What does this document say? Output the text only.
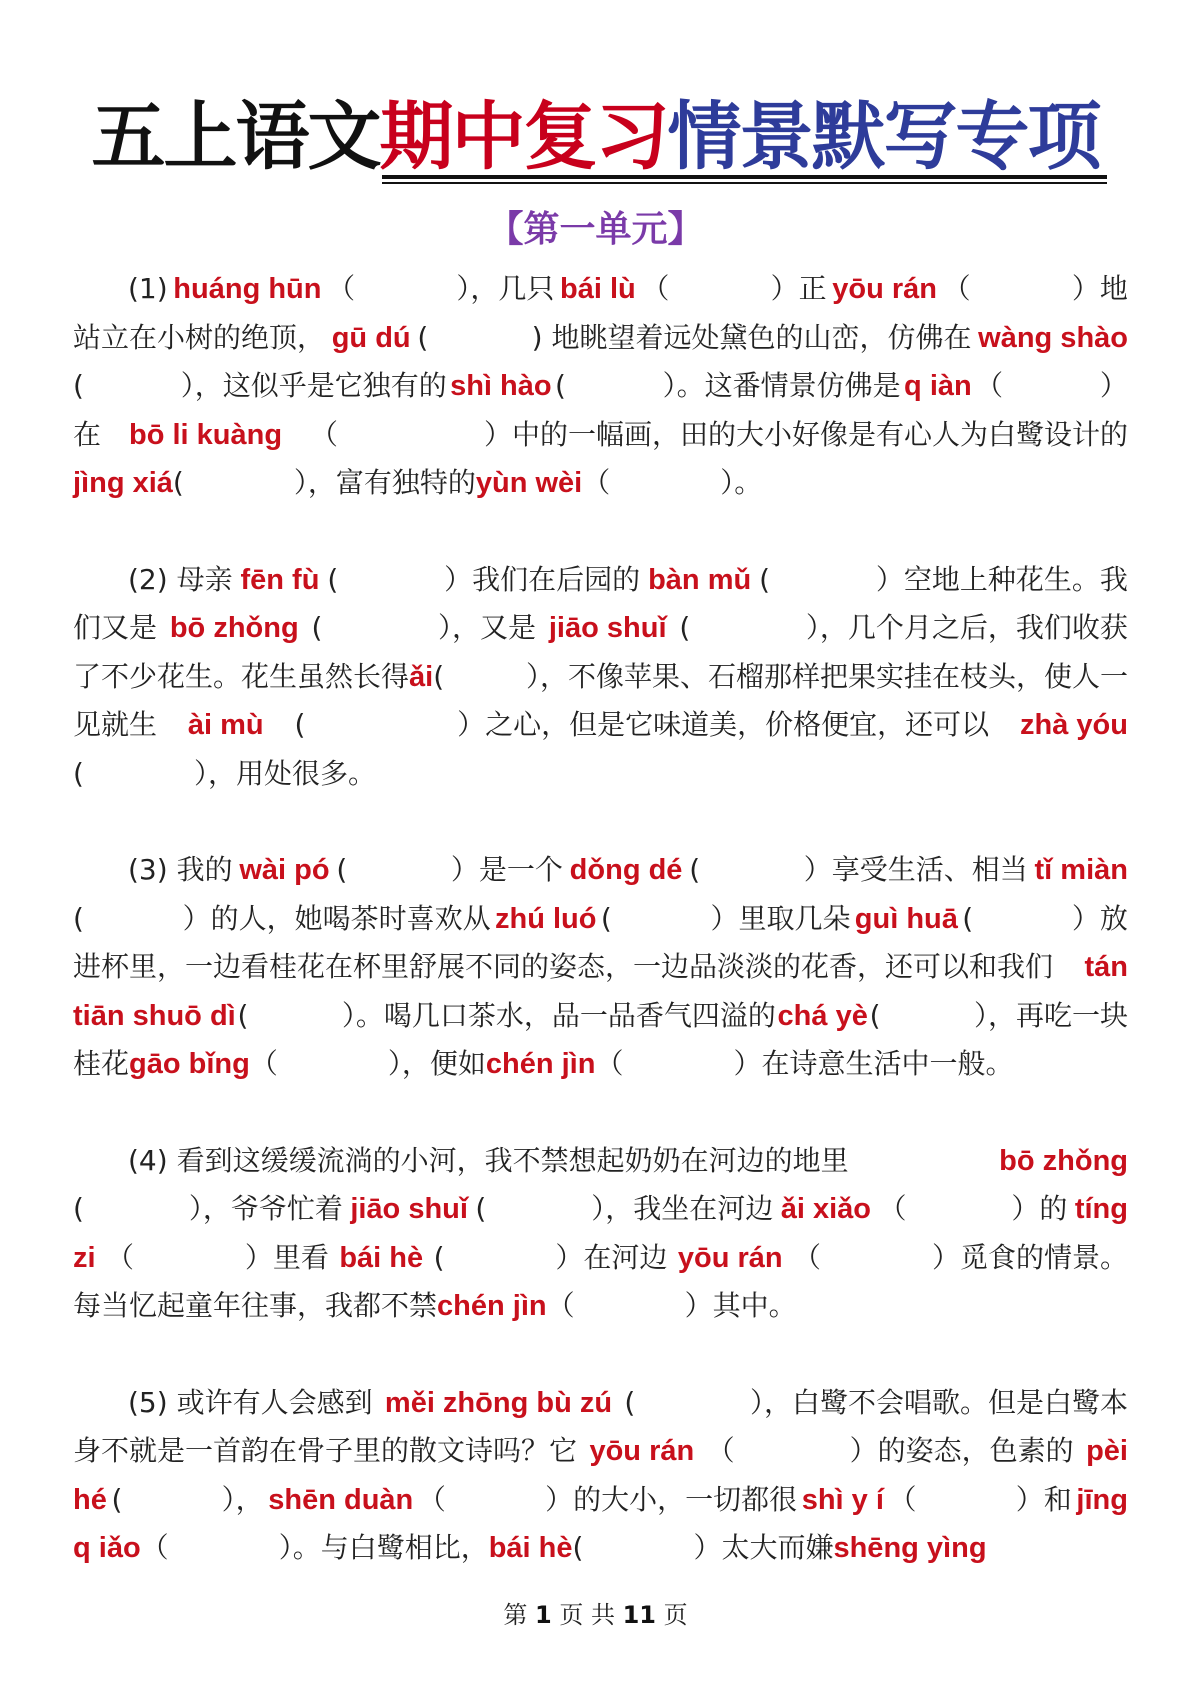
五上语文期中复习情景默写专项
【第一单元】
(1) huáng hūn （	），几只 bái lù （	）正 yōu rán （	）地
站立在小树的绝顶， gū dú (	) 地眺望着远处黛色的山峦，仿佛在 wàng shào
(	），这似乎是它独有的 shì hào (	）。这番情景仿佛是 q iàn （	）
在 bō li kuàng （	）中的一幅画，田的大小好像是有心人为白鹭设计的
jìng xiá (	），富有独特的 yùn wèi （	）。
(2) 母亲 fēn fù (	）我们在后园的 bàn mǔ (	）空地上种花生。我
们又是 bō zhǒng (	），又是 jiāo shuǐ (	），几个月之后，我们收获
了不少花生。花生虽然长得 ǎi (	），不像苹果、石榴那样把果实挂在枝头，使人一
见就生 ài mù (	）之心，但是它味道美，价格便宜，还可以 zhà yóu
(	），用处很多。
(3) 我的 wài pó (	）是一个 dǒng dé (	）享受生活、相当 tǐ miàn
(	）的人，她喝茶时喜欢从 zhú luó (	）里取几朵 guì huā (	）放
进杯里，一边看桂花在杯里舒展不同的姿态，一边品淡淡的花香，还可以和我们 tán
tiān shuō dì (	）。喝几口茶水，品一品香气四溢的 chá yè (	），再吃一块
桂花 gāo bǐng （	），便如 chén jìn （	）在诗意生活中一般。
(4) 看到这缓缓流淌的小河，我不禁想起奶奶在河边的地里	bō zhǒng
(	），爷爷忙着 jiāo shuǐ (	），我坐在河边 ǎi xiǎo （	）的 tíng
zi （	）里看 bái hè (	）在河边 yōu rán （	）觅食的情景。
每当忆起童年往事，我都不禁 chén jìn （	）其中。
(5) 或许有人会感到 měi zhōng bù zú (	），白鹭不会唱歌。但是白鹭本
身不就是一首韵在骨子里的散文诗吗？它 yōu rán （	）的姿态，色素的 pèi
hé (	）， shēn duàn （	）的大小，一切都很 shì y í （	）和 jīng
q iǎo （	）。与白鹭相比， bái hè (	）太大而嫌 shēng yìng
第 1 页 共 11 页
